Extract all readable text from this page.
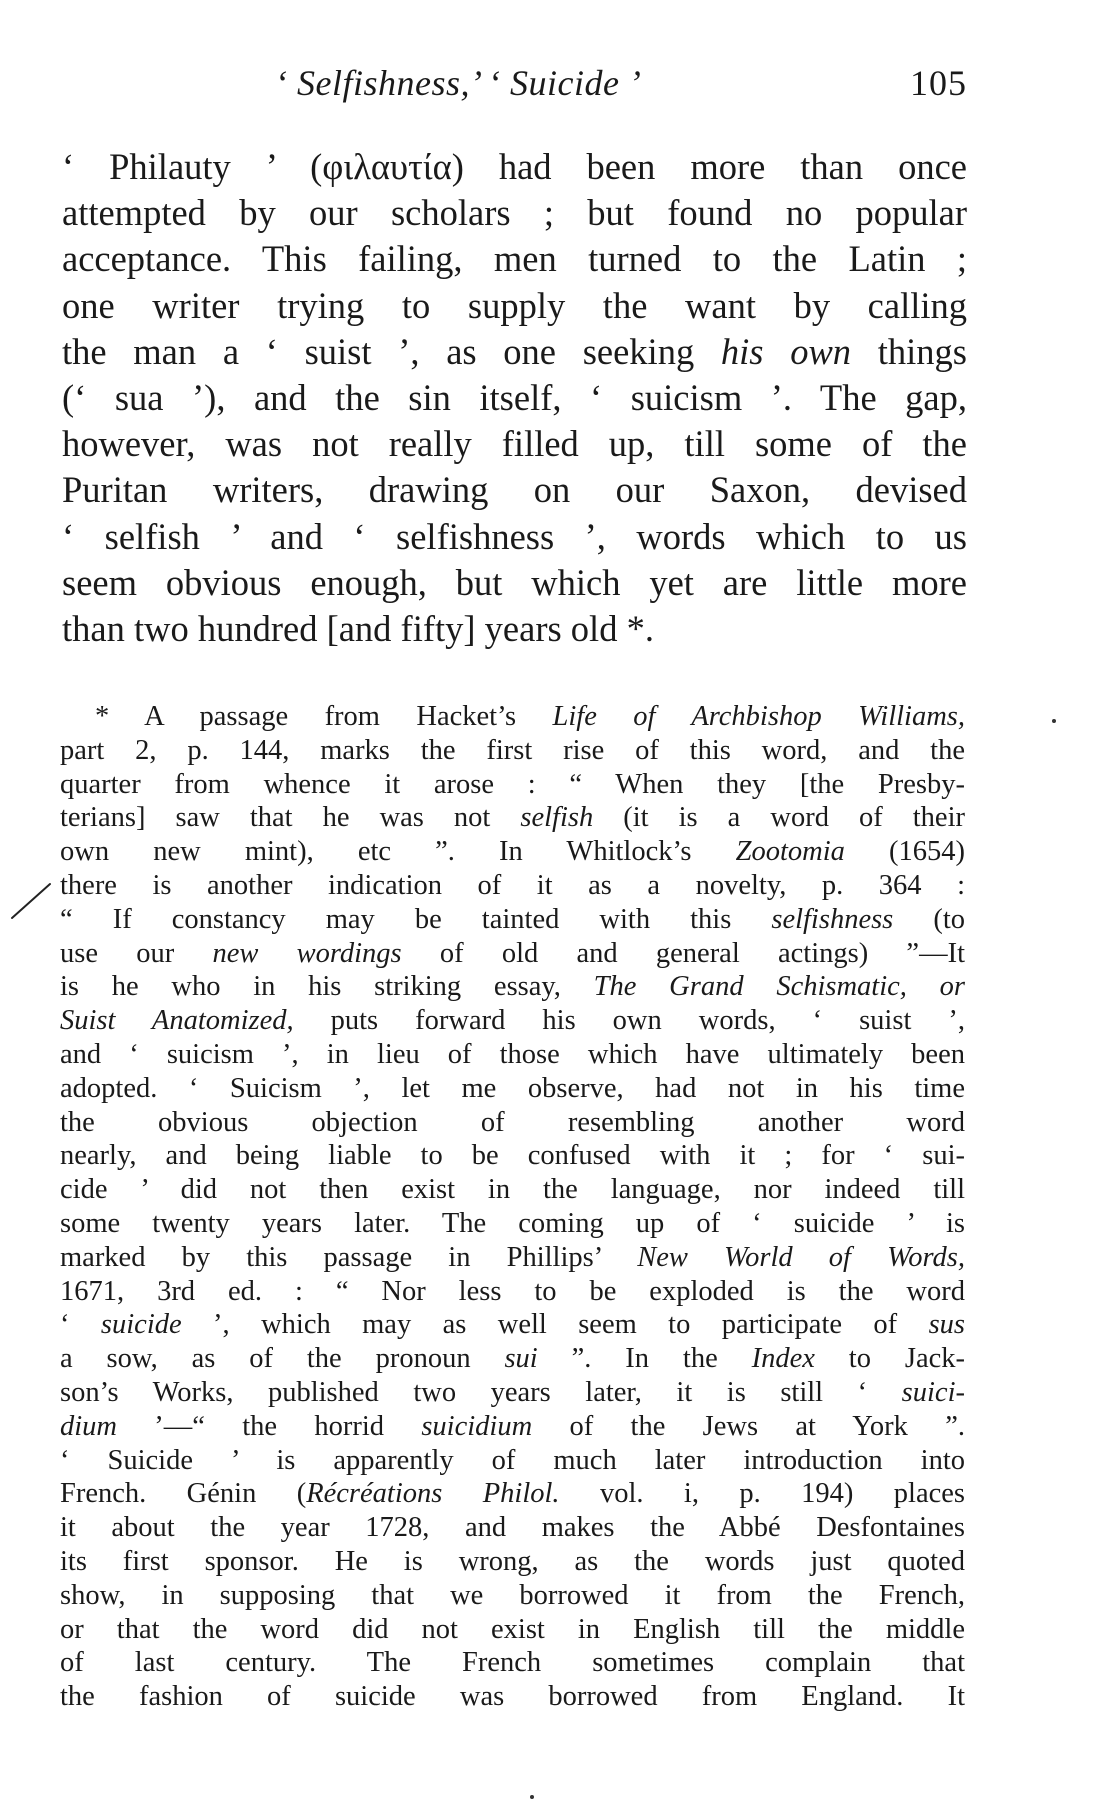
‘ Selfishness,’ ‘ Suicide ’	105
‘ Philauty ’ (φιλαυτία) had been more than once
attempted by our scholars ; but found no popular
acceptance. This failing, men turned to the Latin ;
one writer trying to supply the want by calling
the man a ‘ suist ’, as one seeking his own things
(‘ sua ’), and the sin itself, ‘ suicism ’. The gap,
however, was not really filled up, till some of the
Puritan writers, drawing on our Saxon, devised
‘ selfish ’ and ‘ selfishness ’, words which to us
seem obvious enough, but which yet are little more
than two hundred [and fifty] years old *.
* A passage from Hacket’s Life of Archbishop Williams,
part 2, p. 144, marks the first rise of this word, and the
quarter from whence it arose : “ When they [the Presby-
terians] saw that he was not selfish (it is a word of their
own new mint), etc ”. In Whitlock’s Zootomia (1654)
there is another indication of it as a novelty, p. 364 :
“ If constancy may be tainted with this selfishness (to
use our new wordings of old and general actings) ”—It
is he who in his striking essay, The Grand Schismatic, or
Suist Anatomized, puts forward his own words, ‘ suist ’,
and ‘ suicism ’, in lieu of those which have ultimately been
adopted. ‘ Suicism ’, let me observe, had not in his time
the obvious objection of resembling another word
nearly, and being liable to be confused with it ; for ‘ sui-
cide ’ did not then exist in the language, nor indeed till
some twenty years later. The coming up of ‘ suicide ’ is
marked by this passage in Phillips’ New World of Words,
1671, 3rd ed. : “ Nor less to be exploded is the word
‘ suicide ’, which may as well seem to participate of sus
a sow, as of the pronoun sui ”. In the Index to Jack-
son’s Works, published two years later, it is still ‘ suici-
dium ’—“ the horrid suicidium of the Jews at York ”.
‘ Suicide ’ is apparently of much later introduction into
French. Génin (Récréations Philol. vol. i, p. 194) places
it about the year 1728, and makes the Abbé Desfontaines
its first sponsor. He is wrong, as the words just quoted
show, in supposing that we borrowed it from the French,
or that the word did not exist in English till the middle
of last century. The French sometimes complain that
the fashion of suicide was borrowed from England. It
